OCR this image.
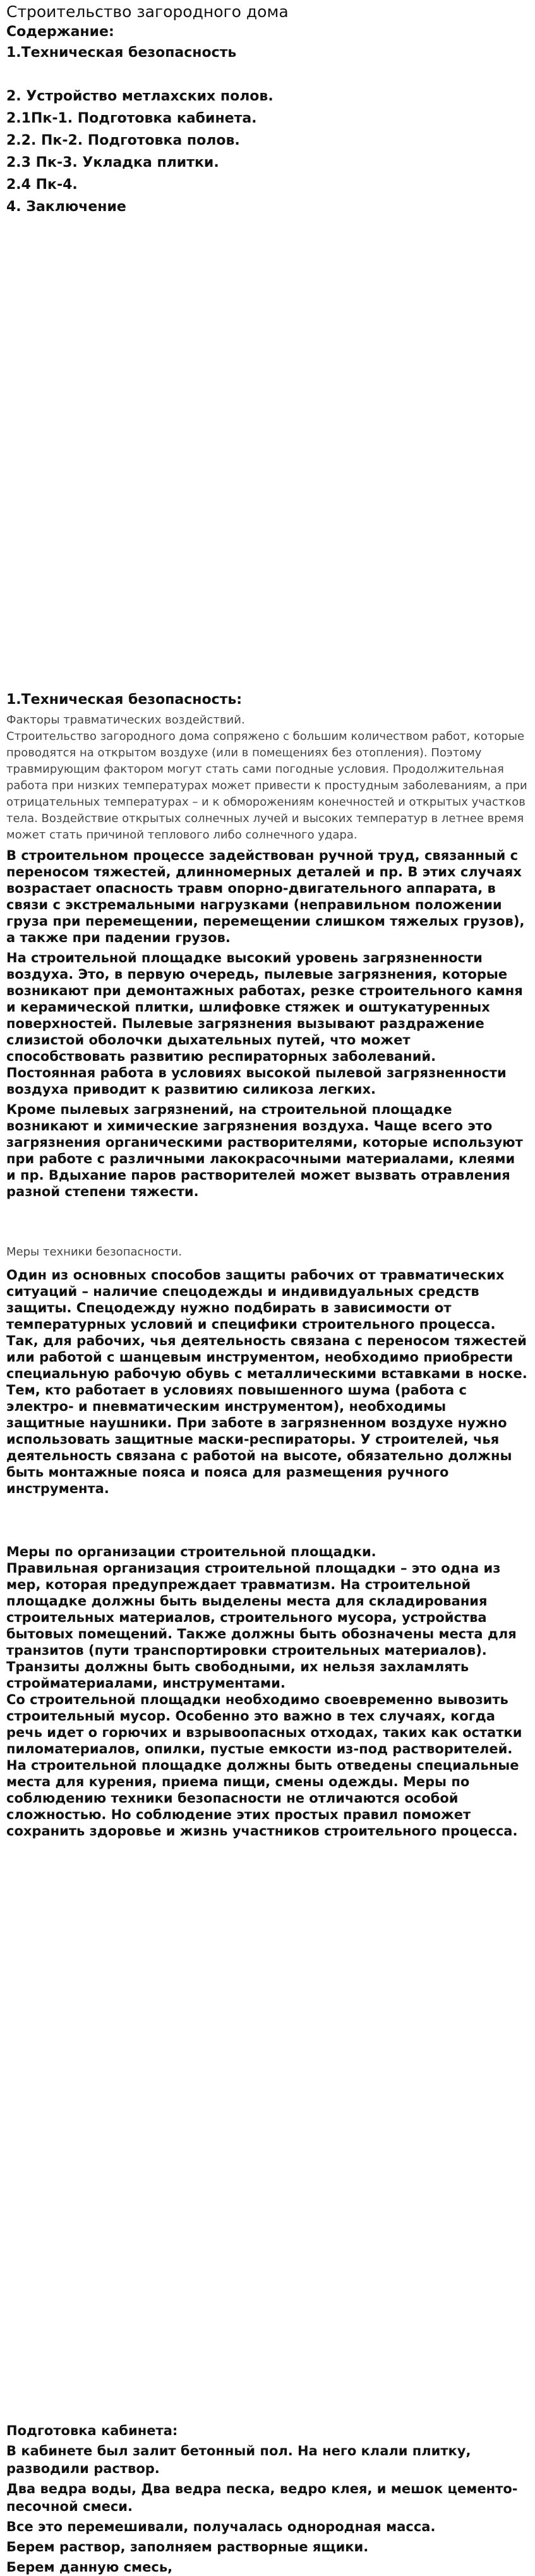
Строительство загородного дома
Содержание:
1.Техническая безопасность
2. Устройство метлахских полов.
2.1Пк-1. Подготовка кабинета.
2.2. Пк-2. Подготовка полов.
2.3 Пк-3. Укладка плитки.
2.4 Пк-4.
4. Заключение
1.Техническая безопасность:
Факторы травматических воздействий.

Строительство загородного дома сопряжено с большим количеством работ, которые проводятся на открытом воздухе (или в помещениях без отопления). Поэтому травмирующим фактором могут стать сами погодные условия. Продолжительная работа при низких температурах может привести к простудным заболеваниям, а при отрицательных температурах – и к обморожениям конечностей и открытых участков тела. Воздействие открытых солнечных лучей и высоких температур в летнее время может стать причиной теплового либо солнечного удара.

В строительном процессе задействован ручной труд, связанный с переносом тяжестей, длинномерных деталей и пр. В этих случаях возрастает опасность травм опорно-двигательного аппарата, в связи с экстремальными нагрузками (неправильном положении груза при перемещении, перемещении слишком тяжелых грузов), а также при падении грузов.

На строительной площадке высокий уровень загрязненности воздуха. Это, в первую очередь, пылевые загрязнения, которые возникают при демонтажных работах, резке строительного камня и керамической плитки, шлифовке стяжек и оштукатуренных поверхностей. Пылевые загрязнения вызывают раздражение слизистой оболочки дыхательных путей, что может способствовать развитию респираторных заболеваний. Постоянная работа в условиях высокой пылевой загрязненности воздуха приводит к развитию силикоза легких.

Кроме пылевых загрязнений, на строительной площадке возникают и химические загрязнения воздуха. Чаще всего это загрязнения органическими растворителями, которые используют при работе с различными лакокрасочными материалами, клеями и пр. Вдыхание паров растворителей может вызвать отравления разной степени тяжести.

Меры техники безопасности.

Один из основных способов защиты рабочих от травматических ситуаций – наличие спецодежды и индивидуальных средств защиты. Спецодежду нужно подбирать в зависимости от температурных условий и специфики строительного процесса. Так, для рабочих, чья деятельность связана с переносом тяжестей или работой с шанцевым инструментом, необходимо приобрести специальную рабочую обувь с металлическими вставками в носке. Тем, кто работает в условиях повышенного шума (работа с электро- и пневматическим инструментом), необходимы защитные наушники. При заботе в загрязненном воздухе нужно использовать защитные маски-респираторы. У строителей, чья деятельность связана с работой на высоте, обязательно должны быть монтажные пояса и пояса для размещения ручного инструмента.

Меры по организации строительной площадки.

Правильная организация строительной площадки – это одна из мер, которая предупреждает травматизм. На строительной площадке должны быть выделены места для складирования строительных материалов, строительного мусора, устройства бытовых помещений. Также должны быть обозначены места для транзитов (пути транспортировки строительных материалов). Транзиты должны быть свободными, их нельзя захламлять стройматериалами, инструментами.

Со строительной площадки необходимо своевременно вывозить строительный мусор. Особенно это важно в тех случаях, когда речь идет о горючих и взрывоопасных отходах, таких как остатки пиломатериалов, опилки, пустые емкости из-под растворителей. На строительной площадке должны быть отведены специальные места для курения, приема пищи, смены одежды. Меры по соблюдению техники безопасности не отличаются особой сложностью. Но соблюдение этих простых правил поможет сохранить здоровье и жизнь участников строительного процесса.

Подготовка кабинета:
В кабинете был залит бетонный пол. На него клали плитку, разводили раствор.
Два ведра воды, Два ведра песка, ведро клея, и мешок цементо-песочной смеси.
Все это перемешивали, получалась однородная масса.
Берем раствор, заполняем растворные ящики.
Берем данную смесь,
